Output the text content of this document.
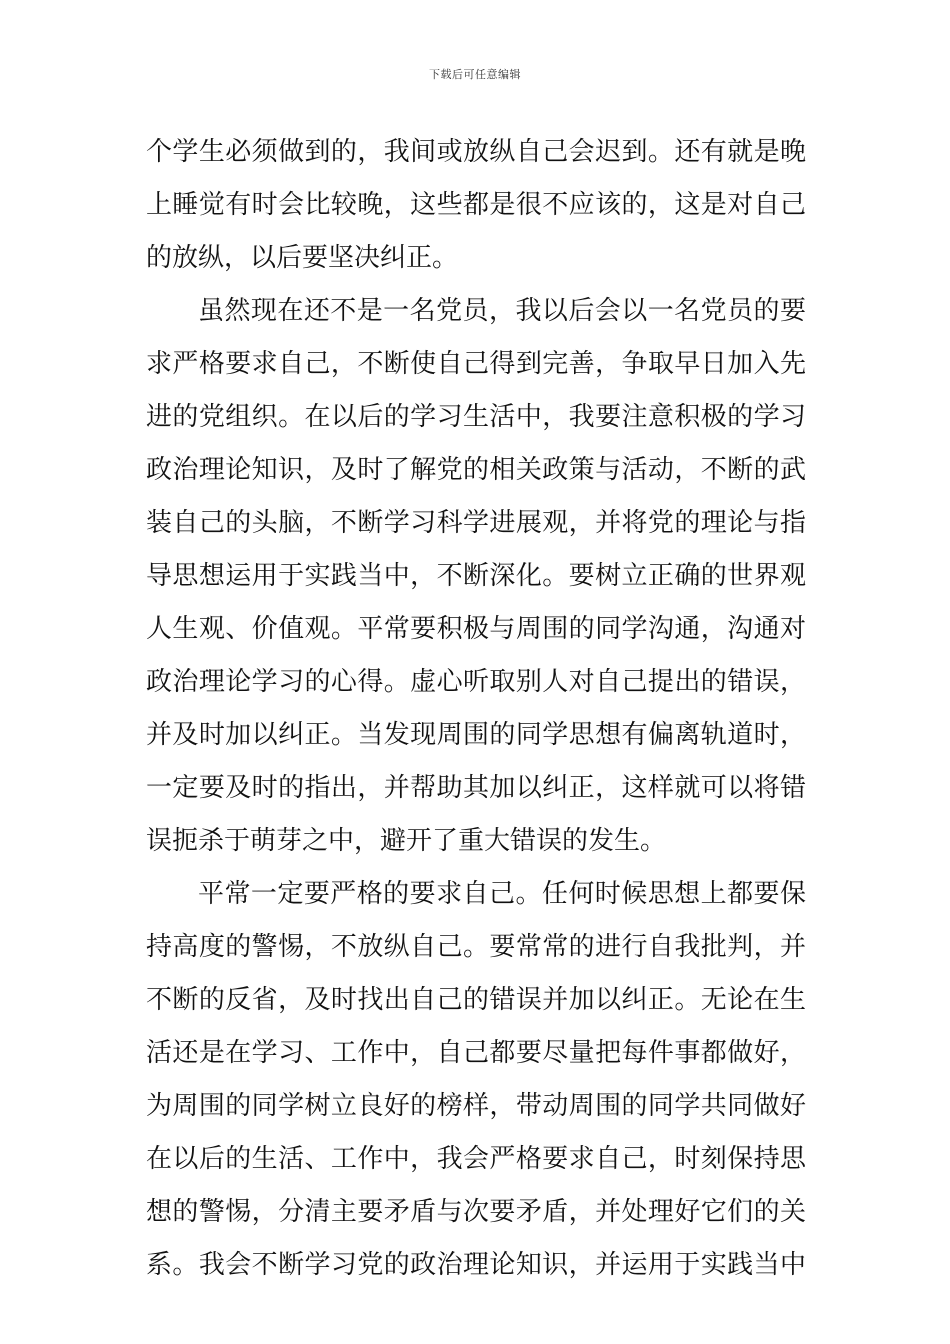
下载后可任意编辑
个学生必须做到的，我间或放纵自己会迟到。还有就是晚
上睡觉有时会比较晚，这些都是很不应该的，这是对自己
的放纵，以后要坚决纠正。
虽然现在还不是一名党员，我以后会以一名党员的要
求严格要求自己，不断使自己得到完善，争取早日加入先
进的党组织。在以后的学习生活中，我要注意积极的学习
政治理论知识，及时了解党的相关政策与活动，不断的武
装自己的头脑，不断学习科学进展观，并将党的理论与指
导思想运用于实践当中，不断深化。要树立正确的世界观
人生观、价值观。平常要积极与周围的同学沟通，沟通对
政治理论学习的心得。虚心听取别人对自己提出的错误，
并及时加以纠正。当发现周围的同学思想有偏离轨道时，
一定要及时的指出，并帮助其加以纠正，这样就可以将错
误扼杀于萌芽之中，避开了重大错误的发生。
平常一定要严格的要求自己。任何时候思想上都要保
持高度的警惕，不放纵自己。要常常的进行自我批判，并
不断的反省，及时找出自己的错误并加以纠正。无论在生
活还是在学习、工作中，自己都要尽量把每件事都做好，
为周围的同学树立良好的榜样，带动周围的同学共同做好
在以后的生活、工作中，我会严格要求自己，时刻保持思
想的警惕，分清主要矛盾与次要矛盾，并处理好它们的关
系。我会不断学习党的政治理论知识，并运用于实践当中
